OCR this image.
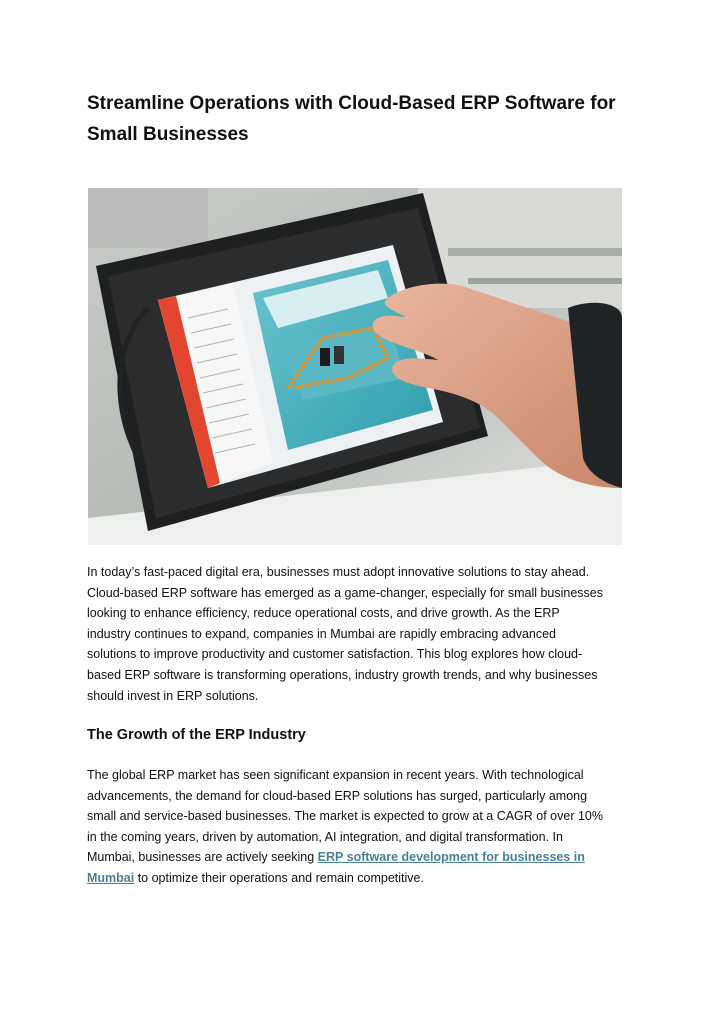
Streamline Operations with Cloud-Based ERP Software for
Small Businesses

In today’s fast-paced digital era, businesses must adopt innovative solutions to stay ahead.
Cloud-based ERP software has emerged as a game-changer, especially for small businesses
looking to enhance efficiency, reduce operational costs, and drive growth. As the ERP
industry continues to expand, companies in Mumbai are rapidly embracing advanced
solutions to improve productivity and customer satisfaction. This blog explores how cloud-
based ERP software is transforming operations, industry growth trends, and why businesses
should invest in ERP solutions.

The Growth of the ERP Industry

The global ERP market has seen significant expansion in recent years. With technological
advancements, the demand for cloud-based ERP solutions has surged, particularly among
small and service-based businesses. The market is expected to grow at a CAGR of over 10%
in the coming years, driven by automation, AI integration, and digital transformation. In
Mumbai, businesses are actively seeking ERP software development for businesses in
Mumbai to optimize their operations and remain competitive.
